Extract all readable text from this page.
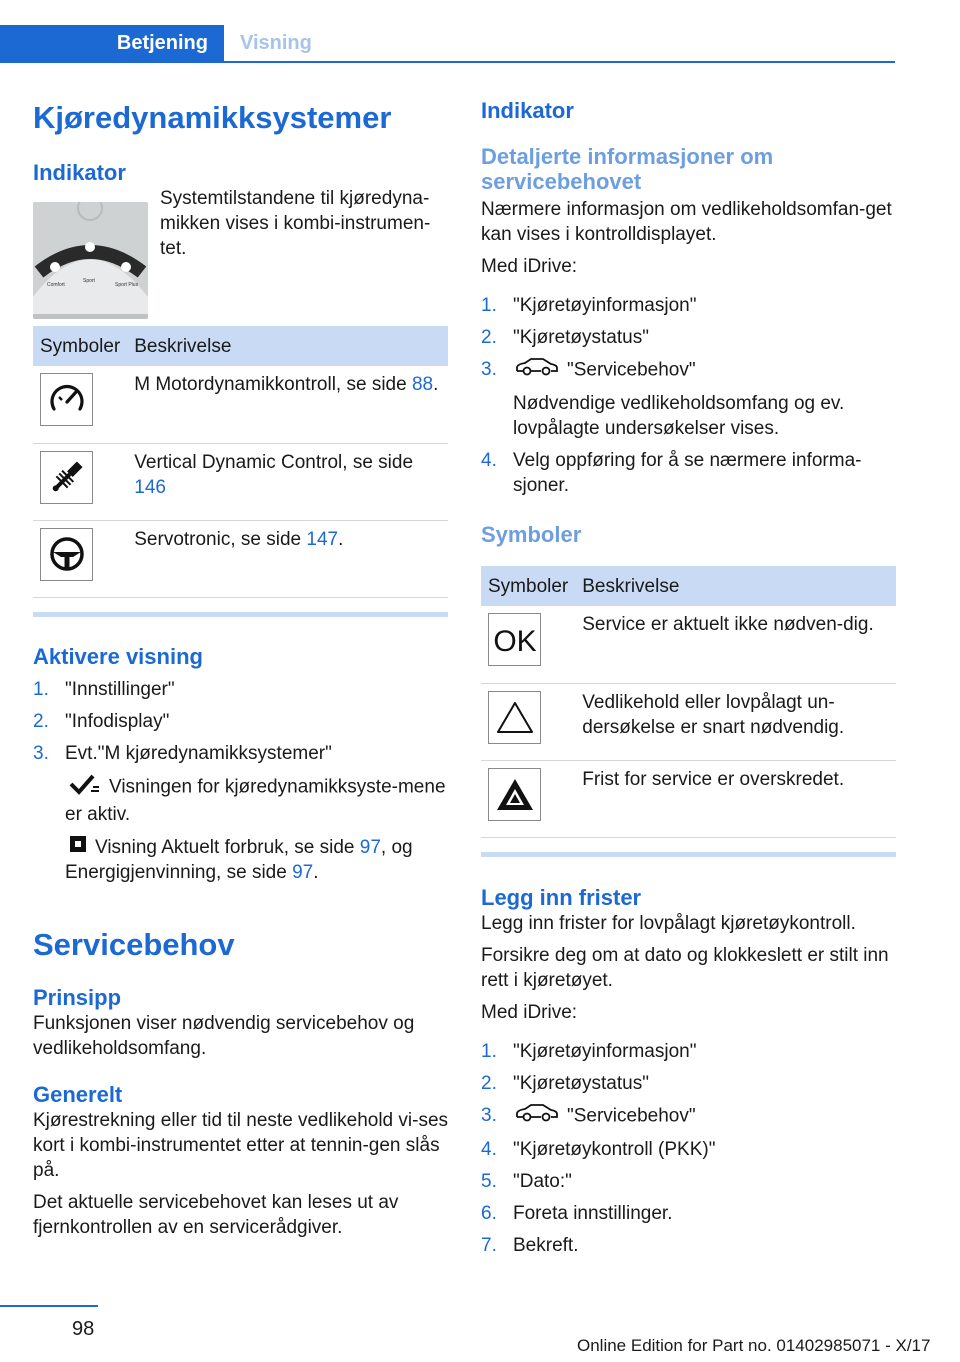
Betjening	Visning
Kjøredynamikksystemer
Indikator
Comfort
Sport
Sport Plus

Systemtilstandene til kjøredyna-mikken vises i kombi-instrumen-tet.

Symboler	Beskrivelse

	M Motordynamikkontroll, se side 88.

	Vertical Dynamic Control, se side 146

	Servotronic, se side 147.
Aktivere visning
1. "Innstillinger"
2. "Infodisplay"
3. Evt."M kjøredynamikksystemer"

Visningen for kjøredynamikksyste-mene er aktiv.

Visning Aktuelt forbruk, se side 97, og Energigjenvinning, se side 97.

Servicebehov
Prinsipp

Funksjonen viser nødvendig servicebehov og vedlikeholdsomfang.

Generelt

Kjørestrekning eller tid til neste vedlikehold vi-ses kort i kombi-instrumentet etter at tennin-gen slås på.

Det aktuelle servicebehovet kan leses ut av fjernkontrollen av en servicerådgiver.

Indikator
Detaljerte informasjoner om servicebehovet

Nærmere informasjon om vedlikeholdsomfan-get kan vises i kontrolldisplayet.

Med iDrive:

1. "Kjøretøyinformasjon"
2. "Kjøretøystatus"
3.	"Servicebehov"

Nødvendige vedlikeholdsomfang og ev. lovpålagte undersøkelser vises.

4. Velg oppføring for å se nærmere informa-sjoner.
Symboler
Symboler	Beskrivelse

OK	Service er aktuelt ikke nødven-dig.

	Vedlikehold eller lovpålagt un-dersøkelse er snart nødvendig.

	Frist for service er overskredet.
Legg inn frister

Legg inn frister for lovpålagt kjøretøykontroll.

Forsikre deg om at dato og klokkeslett er stilt inn rett i kjøretøyet.

Med iDrive:

1. "Kjøretøyinformasjon"
2. "Kjøretøystatus"
3.	"Servicebehov"
4. "Kjøretøykontroll (PKK)"
5. "Dato:"
6. Foreta innstillinger.
7. Bekreft.
98
Online Edition for Part no. 01402985071 - X/17
